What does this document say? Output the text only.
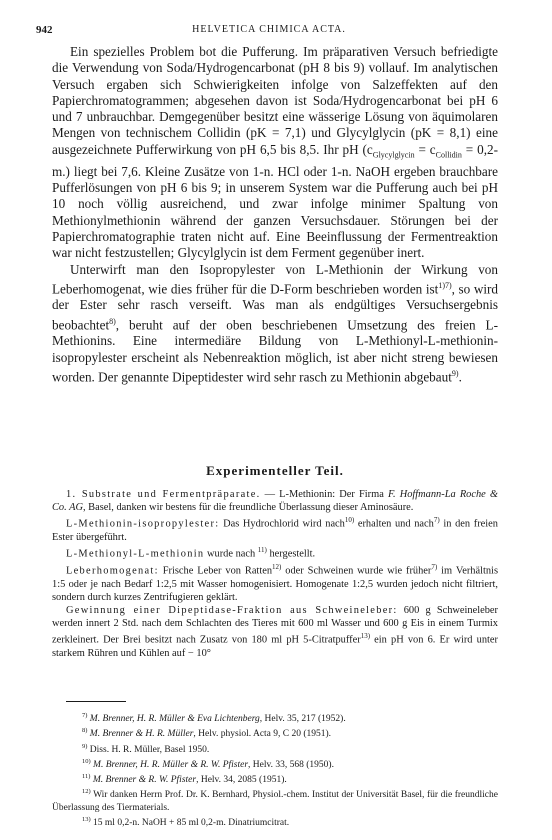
942	HELVETICA CHIMICA ACTA.

Ein spezielles Problem bot die Pufferung. Im präparativen Versuch befriedigte die Verwendung von Soda/Hydrogencarbonat (pH 8 bis 9) vollauf. Im analytischen Versuch ergaben sich Schwierigkeiten infolge von Salzeffekten auf den Papierchromatogrammen; abgesehen davon ist Soda/Hydrogencarbonat bei pH 6 und 7 unbrauchbar. Demgegenüber besitzt eine wässerige Lösung von äquimolaren Mengen von technischem Collidin (pK = 7,1) und Glycylglycin (pK = 8,1) eine ausgezeichnete Pufferwirkung von pH 6,5 bis 8,5. Ihr pH $(c_{Glycylglycin} = c_{Collidin} = 0,2-m.)$ liegt bei 7,6. Kleine Zusätze von 1-n. HCl oder 1-n. NaOH ergeben brauchbare Pufferlösungen von pH 6 bis 9; in unserem System war die Pufferung auch bei pH 10 noch völlig ausreichend, und zwar infolge minimer Spaltung von Methionylmethionin während der ganzen Versuchsdauer. Störungen bei der Papierchromatographie traten nicht auf. Eine Beeinflussung der Fermentreaktion war nicht festzustellen; Glycylglycin ist dem Ferment gegenüber inert.

Unterwirft man den Isopropylester von L-Methionin der Wirkung von Leberhomogenat, wie dies früher für die D-Form beschrieben worden ist$^{1)7)}$, so wird der Ester sehr rasch verseift. Was man als endgültiges Versuchsergebnis beobachtet$^{8)}$, beruht auf der oben beschriebenen Umsetzung des freien L-Methionins. Eine intermediäre Bildung von L-Methionyl-L-methionin-isopropylester erscheint als Nebenreaktion möglich, ist aber nicht streng bewiesen worden. Der genannte Dipeptidester wird sehr rasch zu Methionin abgebaut$^{9)}$.

Experimenteller Teil.

1. Substrate und Fermentpräparate. — L-Methionin: Der Firma F. Hoffmann-La Roche & Co. AG, Basel, danken wir bestens für die freundliche Überlassung dieser Aminosäure.

L-Methionin-isopropylester: Das Hydrochlorid wird nach$^{10)}$ erhalten und nach$^{7)}$ in den freien Ester übergeführt.

L-Methionyl-L-methionin wurde nach $^{11)}$ hergestellt.

Leberhomogenat: Frische Leber von Ratten$^{12)}$ oder Schweinen wurde wie früher$^{7)}$ im Verhältnis 1:5 oder je nach Bedarf 1:2,5 mit Wasser homogenisiert. Homogenate 1:2,5 wurden jedoch nicht filtriert, sondern durch kurzes Zentrifugieren geklärt.

Gewinnung einer Dipeptidase-Fraktion aus Schweineleber: 600 g Schweineleber werden innert 2 Std. nach dem Schlachten des Tieres mit 600 ml Wasser und 600 g Eis in einem Turmix zerkleinert. Der Brei besitzt nach Zusatz von 180 ml pH 5-Citratpuffer$^{13)}$ ein pH von 6. Er wird unter starkem Rühren und Kühlen auf − 10°

$^{7)}$ M. Brenner, H. R. Müller & Eva Lichtenberg, Helv. 35, 217 (1952).

$^{8)}$ M. Brenner & H. R. Müller, Helv. physiol. Acta 9, C 20 (1951).

$^{9)}$ Diss. H. R. Müller, Basel 1950.

$^{10)}$ M. Brenner, H. R. Müller & R. W. Pfister, Helv. 33, 568 (1950).

$^{11)}$ M. Brenner & R. W. Pfister, Helv. 34, 2085 (1951).

$^{12)}$ Wir danken Herrn Prof. Dr. K. Bernhard, Physiol.-chem. Institut der Universität Basel, für die freundliche Überlassung des Tiermaterials.

$^{13)}$ 15 ml 0,2-n. NaOH + 85 ml 0,2-m. Dinatriumcitrat.
